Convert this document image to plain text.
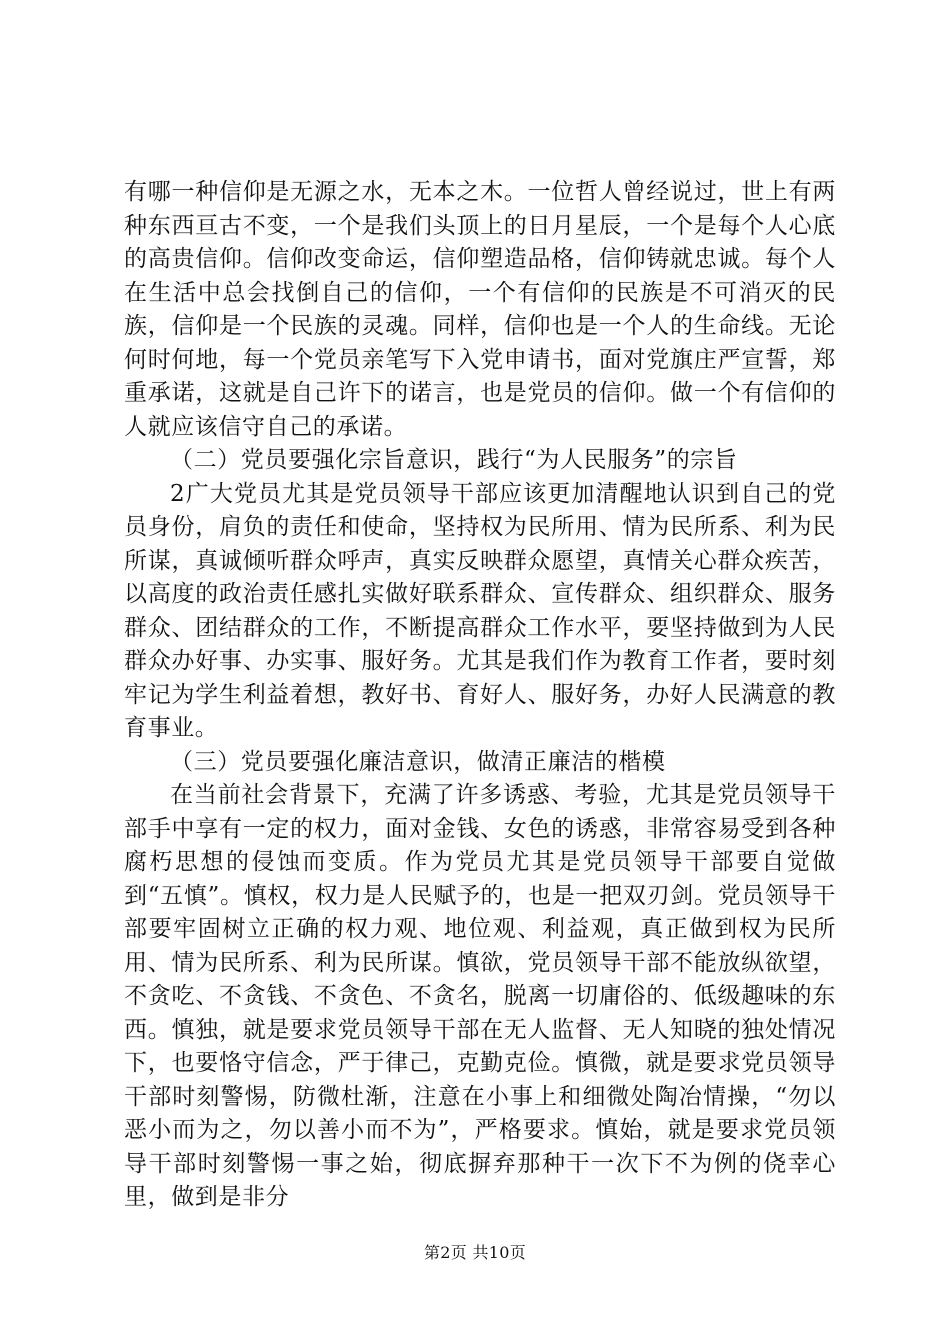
有哪一种信仰是无源之水，无本之木。一位哲人曾经说过，世上有两种东西亘古不变，一个是我们头顶上的日月星辰，一个是每个人心底的高贵信仰。信仰改变命运，信仰塑造品格，信仰铸就忠诚。每个人在生活中总会找倒自己的信仰，一个有信仰的民族是不可消灭的民族，信仰是一个民族的灵魂。同样，信仰也是一个人的生命线。无论何时何地，每一个党员亲笔写下入党申请书，面对党旗庄严宣誓，郑重承诺，这就是自己许下的诺言，也是党员的信仰。做一个有信仰的人就应该信守自己的承诺。

（二）党员要强化宗旨意识，践行“为人民服务”的宗旨

2广大党员尤其是党员领导干部应该更加清醒地认识到自己的党员身份，肩负的责任和使命，坚持权为民所用、情为民所系、利为民所谋，真诚倾听群众呼声，真实反映群众愿望，真情关心群众疾苦，以高度的政治责任感扎实做好联系群众、宣传群众、组织群众、服务群众、团结群众的工作，不断提高群众工作水平，要坚持做到为人民群众办好事、办实事、服好务。尤其是我们作为教育工作者，要时刻牢记为学生利益着想，教好书、育好人、服好务，办好人民满意的教育事业。

（三）党员要强化廉洁意识，做清正廉洁的楷模

在当前社会背景下，充满了许多诱惑、考验，尤其是党员领导干部手中享有一定的权力，面对金钱、女色的诱惑，非常容易受到各种腐朽思想的侵蚀而变质。作为党员尤其是党员领导干部要自觉做到“五慎”。慎权，权力是人民赋予的，也是一把双刃剑。党员领导干部要牢固树立正确的权力观、地位观、利益观，真正做到权为民所用、情为民所系、利为民所谋。慎欲，党员领导干部不能放纵欲望，不贪吃、不贪钱、不贪色、不贪名，脱离一切庸俗的、低级趣味的东西。慎独，就是要求党员领导干部在无人监督、无人知晓的独处情况下，也要恪守信念，严于律己，克勤克俭。慎微，就是要求党员领导干部时刻警惕，防微杜渐，注意在小事上和细微处陶冶情操，“勿以恶小而为之，勿以善小而不为”，严格要求。慎始，就是要求党员领导干部时刻警惕一事之始，彻底摒弃那种干一次下不为例的侥幸心里，做到是非分

第2页 共10页
